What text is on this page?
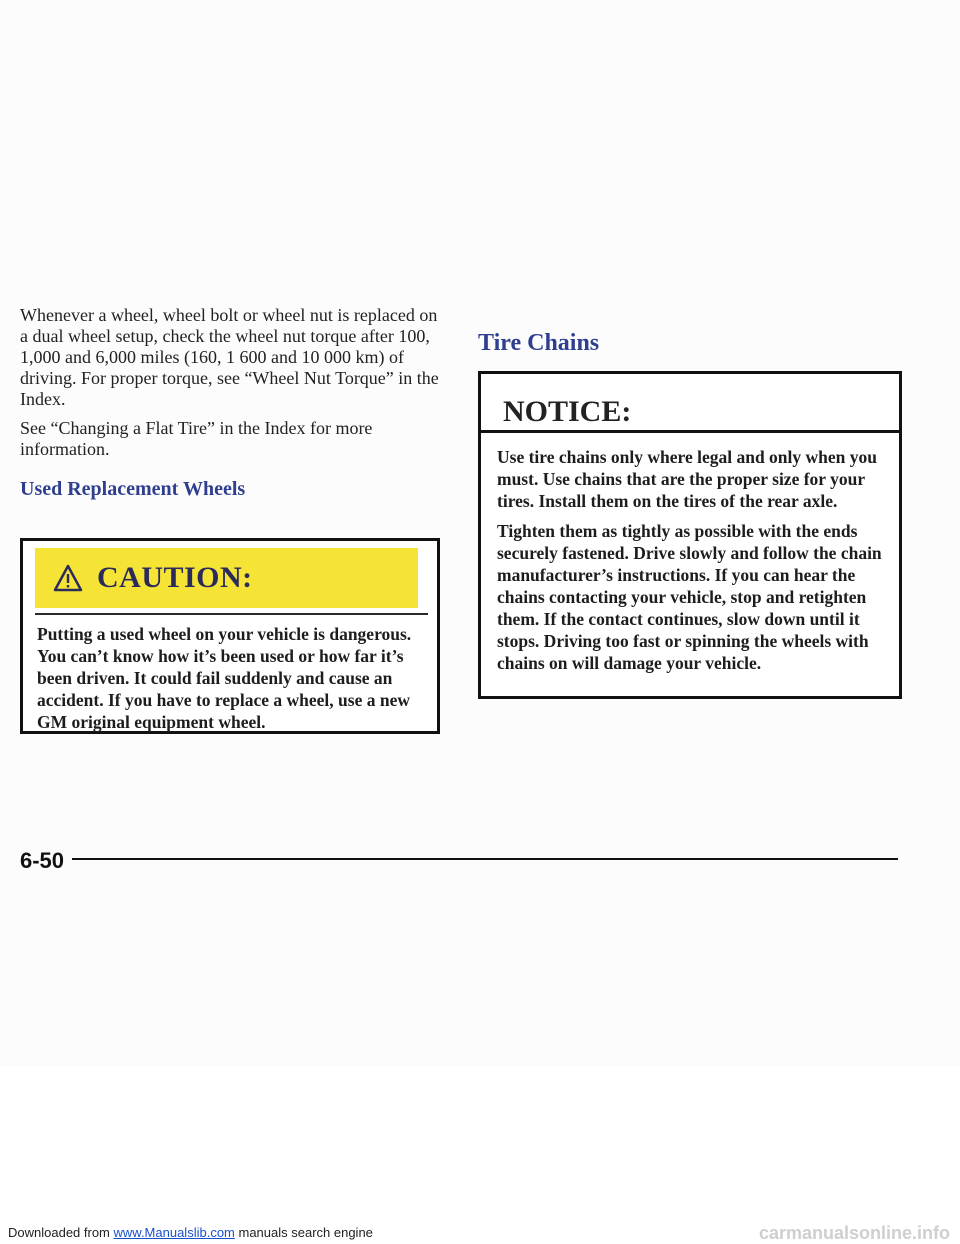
Whenever a wheel, wheel bolt or wheel nut is replaced on a dual wheel setup, check the wheel nut torque after 100, 1,000 and 6,000 miles (160, 1 600 and 10 000 km) of driving. For proper torque, see “Wheel Nut Torque” in the Index.

See “Changing a Flat Tire” in the Index for more information.

Used Replacement Wheels
CAUTION:
Putting a used wheel on your vehicle is dangerous. You can’t know how it’s been used or how far it’s been driven. It could fail suddenly and cause an accident. If you have to replace a wheel, use a new GM original equipment wheel.
Tire Chains
NOTICE:

Use tire chains only where legal and only when you must. Use chains that are the proper size for your tires. Install them on the tires of the rear axle.

Tighten them as tightly as possible with the ends securely fastened. Drive slowly and follow the chain manufacturer’s instructions. If you can hear the chains contacting your vehicle, stop and retighten them. If the contact continues, slow down until it stops. Driving too fast or spinning the wheels with chains on will damage your vehicle.

6-50
Downloaded from www.Manualslib.com manuals search engine	carmanualsonline.info
